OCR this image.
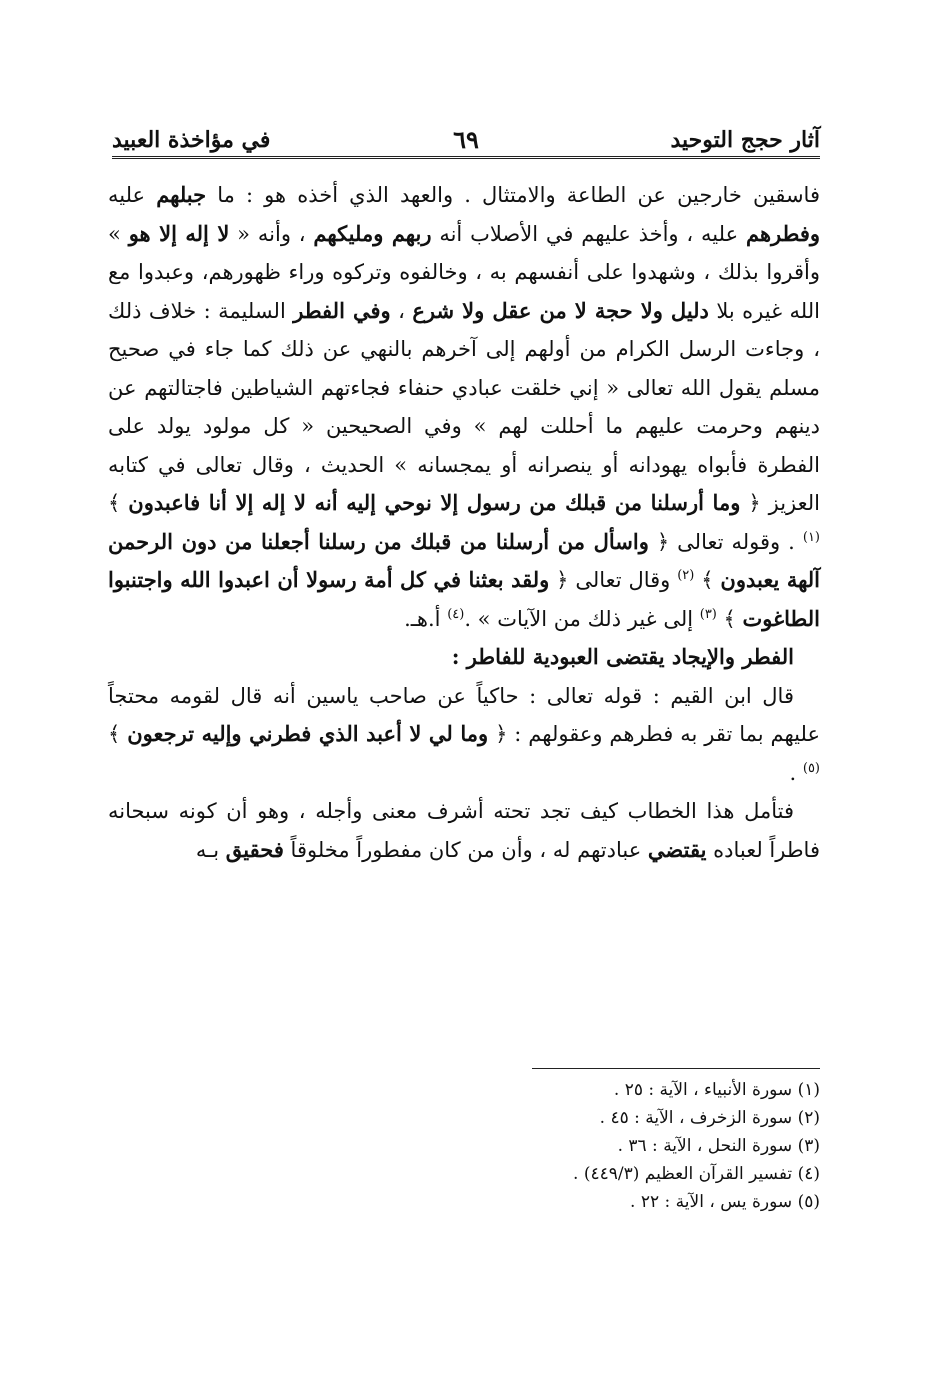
آثار حجج التوحيد
٦٩
في مؤاخذة العبيد

فاسقين خارجين عن الطاعة والامتثال . والعهد الذي أخذه هو : ما جبلهم عليه وفطرهم عليه ، وأخذ عليهم في الأصلاب أنه ربهم ومليكهم ، وأنه « لا إله إلا هو » وأقروا بذلك ، وشهدوا على أنفسهم به ، وخالفوه وتركوه وراء ظهورهم، وعبدوا مع الله غيره بلا دليل ولا حجة لا من عقل ولا شرع ، وفي الفطر السليمة : خلاف ذلك ، وجاءت الرسل الكرام من أولهم إلى آخرهم بالنهي عن ذلك كما جاء في صحيح مسلم يقول الله تعالى « إني خلقت عبادي حنفاء فجاءتهم الشياطين فاجتالتهم عن دينهم وحرمت عليهم ما أحللت لهم » وفي الصحيحين « كل مولود يولد على الفطرة فأبواه يهودانه أو ينصرانه أو يمجسانه » الحديث ، وقال تعالى في كتابه العزيز ﴿ وما أرسلنا من قبلك من رسول إلا نوحي إليه أنه لا إله إلا أنا فاعبدون ﴾ $^{(١)}$ . وقوله تعالى ﴿ واسأل من أرسلنا من قبلك من رسلنا أجعلنا من دون الرحمن آلهة يعبدون ﴾ $^{(٢)}$ وقال تعالى ﴿ ولقد بعثنا في كل أمة رسولا أن اعبدوا الله واجتنبوا الطاغوت ﴾ $^{(٣)}$ إلى غير ذلك من الآيات » .$^{(٤)}$ أ.هـ.

الفطر والإيجاد يقتضى العبودية للفاطر :

قال ابن القيم : قوله تعالى : حاكياً عن صاحب ياسين أنه قال لقومه محتجاً عليهم بما تقر به فطرهم وعقولهم : ﴿ وما لي لا أعبد الذي فطرني وإليه ترجعون ﴾ $^{(٥)}$ .

فتأمل هذا الخطاب كيف تجد تحته أشرف معنى وأجله ، وهو أن كونه سبحانه فاطراً لعباده يقتضي عبادتهم له ، وأن من كان مفطوراً مخلوقاً فحقيق بـه

(١) سورة الأنبياء ، الآية : ٢٥ .
(٢) سورة الزخرف ، الآية : ٤٥ .
(٣) سورة النحل ، الآية : ٣٦ .
(٤) تفسير القرآن العظيم (٤٤٩/٣) .
(٥) سورة يس ، الآية : ٢٢ .
